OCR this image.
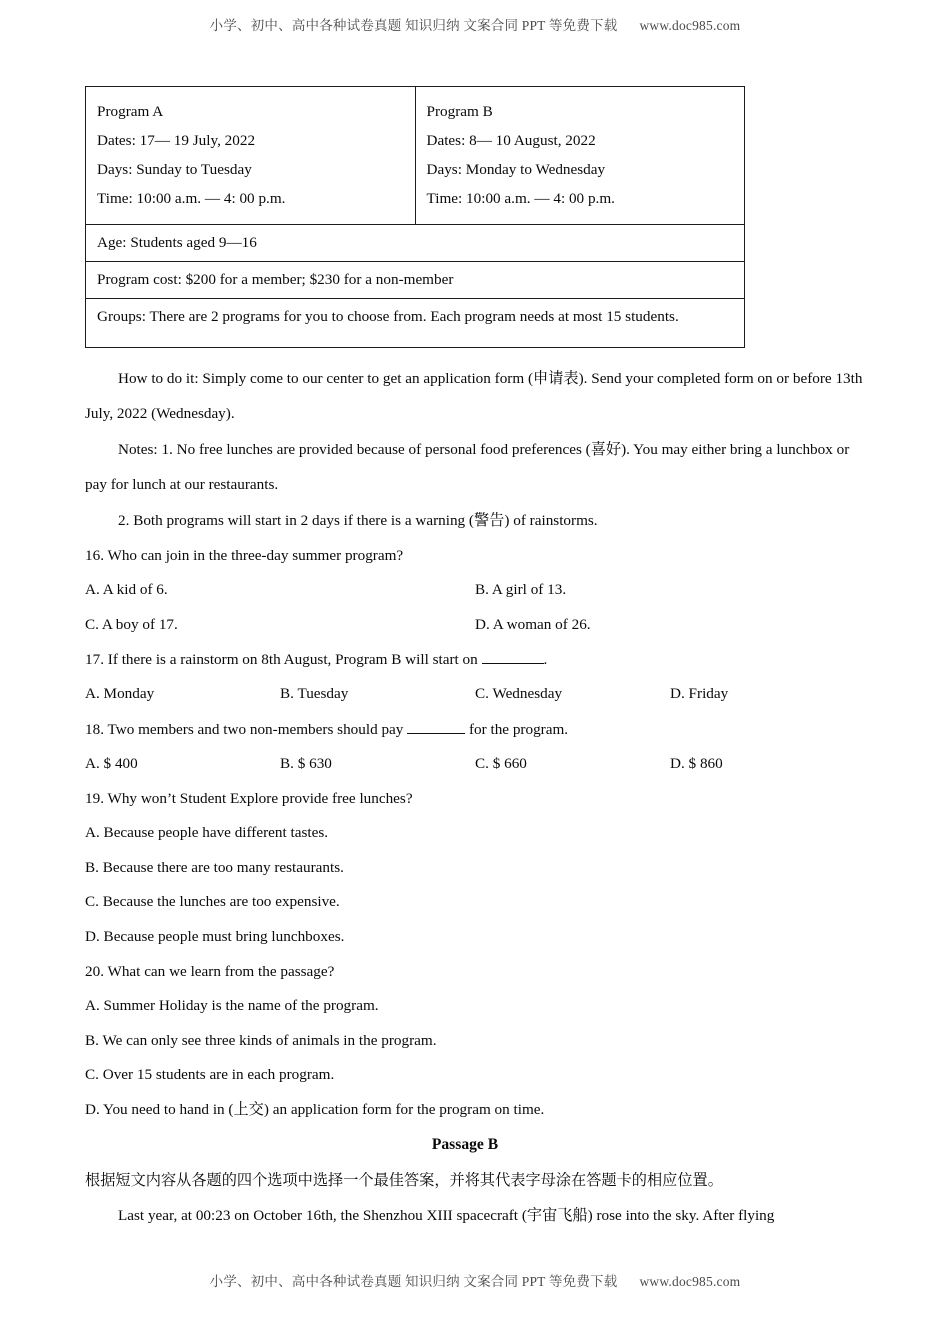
小学、初中、高中各种试卷真题 知识归纳 文案合同 PPT 等免费下载 www.doc985.com

Program A

Dates: 17— 19 July, 2022

Days: Sunday to Tuesday

Time: 10:00 a.m. — 4: 00 p.m.

Program B

Dates: 8— 10 August, 2022

Days: Monday to Wednesday

Time: 10:00 a.m. — 4: 00 p.m.

Age: Students aged 9—16
Program cost: $200 for a member; $230 for a non-member
Groups: There are 2 programs for you to choose from. Each program needs at most 15 students.

How to do it: Simply come to our center to get an application form (申请表). Send your completed form on or before 13th July, 2022 (Wednesday).

Notes: 1. No free lunches are provided because of personal food preferences (喜好). You may either bring a lunchbox or pay for lunch at our restaurants.

2. Both programs will start in 2 days if there is a warning (警告) of rainstorms.

16. Who can join in the three-day summer program?

A. A kid of 6.	B. A girl of 13.
C. A boy of 17.	D. A woman of 26.

17. If there is a rainstorm on 8th August, Program B will start on	.

A. Monday	B. Tuesday	C. Wednesday	D. Friday

18. Two members and two non-members should pay	for the program.

A. $ 400	B. $ 630	C. $ 660	D. $ 860

19. Why won’t Student Explore provide free lunches?

A. Because people have different tastes.
B. Because there are too many restaurants.
C. Because the lunches are too expensive.
D. Because people must bring lunchboxes.

20. What can we learn from the passage?

A. Summer Holiday is the name of the program.
B. We can only see three kinds of animals in the program.
C. Over 15 students are in each program.
D. You need to hand in (上交) an application form for the program on time.

Passage B

根据短文内容从各题的四个选项中选择一个最佳答案，并将其代表字母涂在答题卡的相应位置。

Last year, at 00:23 on October 16th, the Shenzhou XIII spacecraft (宇宙飞船) rose into the sky. After flying

小学、初中、高中各种试卷真题 知识归纳 文案合同 PPT 等免费下载 www.doc985.com
